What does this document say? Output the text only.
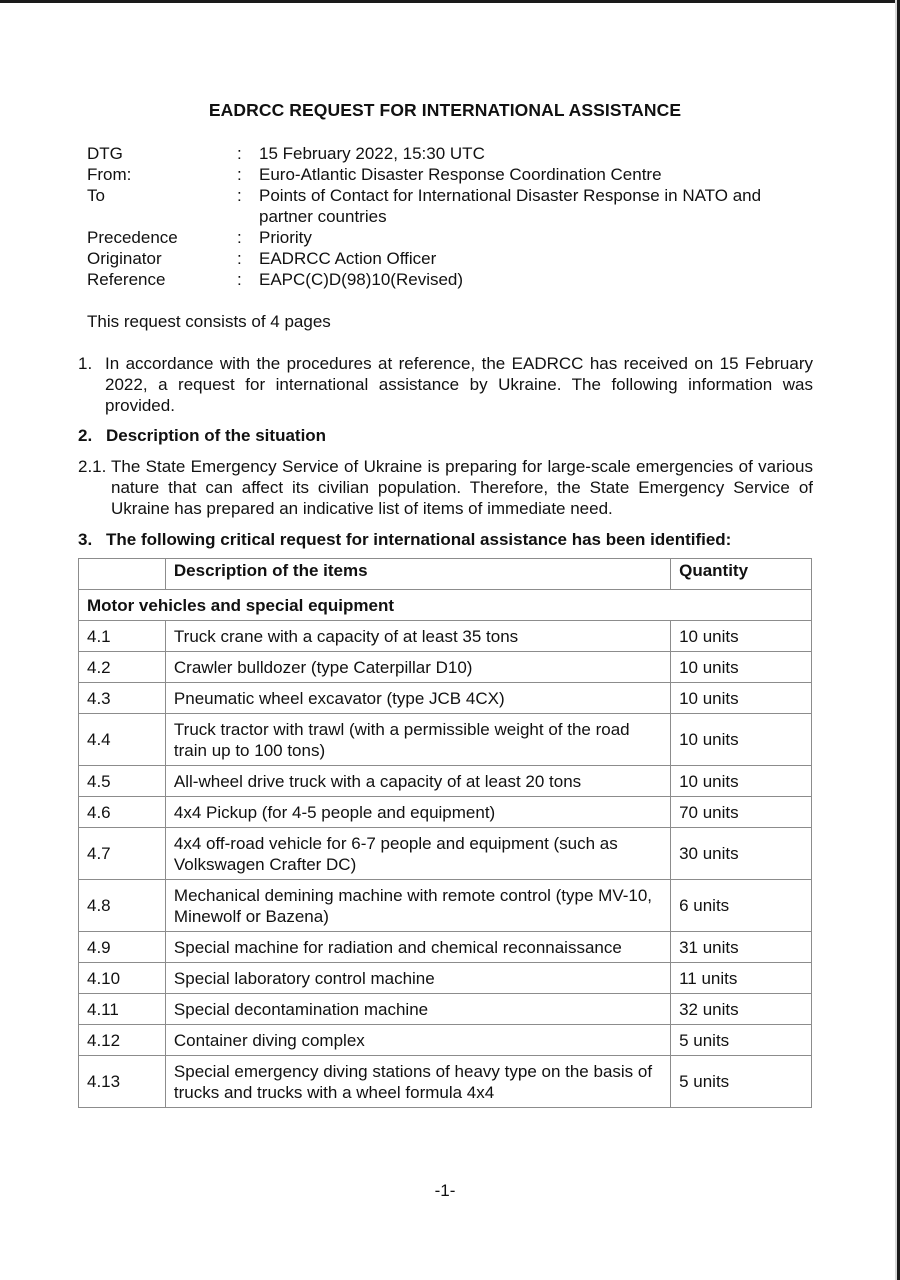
EADRCC REQUEST FOR INTERNATIONAL ASSISTANCE
DTG	:	15 February 2022, 15:30 UTC
From:	:	Euro-Atlantic Disaster Response Coordination Centre
To	:	Points of Contact for International Disaster Response in NATO and partner countries
Precedence	:	Priority
Originator	:	EADRCC Action Officer
Reference	:	EAPC(C)D(98)10(Revised)
This request consists of 4 pages
1. In accordance with the procedures at reference, the EADRCC has received on 15 February 2022, a request for international assistance by Ukraine. The following information was provided.
2. Description of the situation
2.1. The State Emergency Service of Ukraine is preparing for large-scale emergencies of various nature that can affect its civilian population. Therefore, the State Emergency Service of Ukraine has prepared an indicative list of items of immediate need.
3. The following critical request for international assistance has been identified:
	Description of the items	Quantity
Motor vehicles and special equipment		
4.1	Truck crane with a capacity of at least 35 tons	10 units
4.2	Crawler bulldozer (type Caterpillar D10)	10 units
4.3	Pneumatic wheel excavator (type JCB 4CX)	10 units
4.4	Truck tractor with trawl (with a permissible weight of the road train up to 100 tons)	10 units
4.5	All-wheel drive truck with a capacity of at least 20 tons	10 units
4.6	4x4 Pickup (for 4-5 people and equipment)	70 units
4.7	4x4 off-road vehicle for 6-7 people and equipment (such as Volkswagen Crafter DC)	30 units
4.8	Mechanical demining machine with remote control (type MV-10, Minewolf or Bazena)	6 units
4.9	Special machine for radiation and chemical reconnaissance	31 units
4.10	Special laboratory control machine	11 units
4.11	Special decontamination machine	32 units
4.12	Container diving complex	5 units
4.13	Special emergency diving stations of heavy type on the basis of trucks and trucks with a wheel formula 4x4	5 units
-1-
